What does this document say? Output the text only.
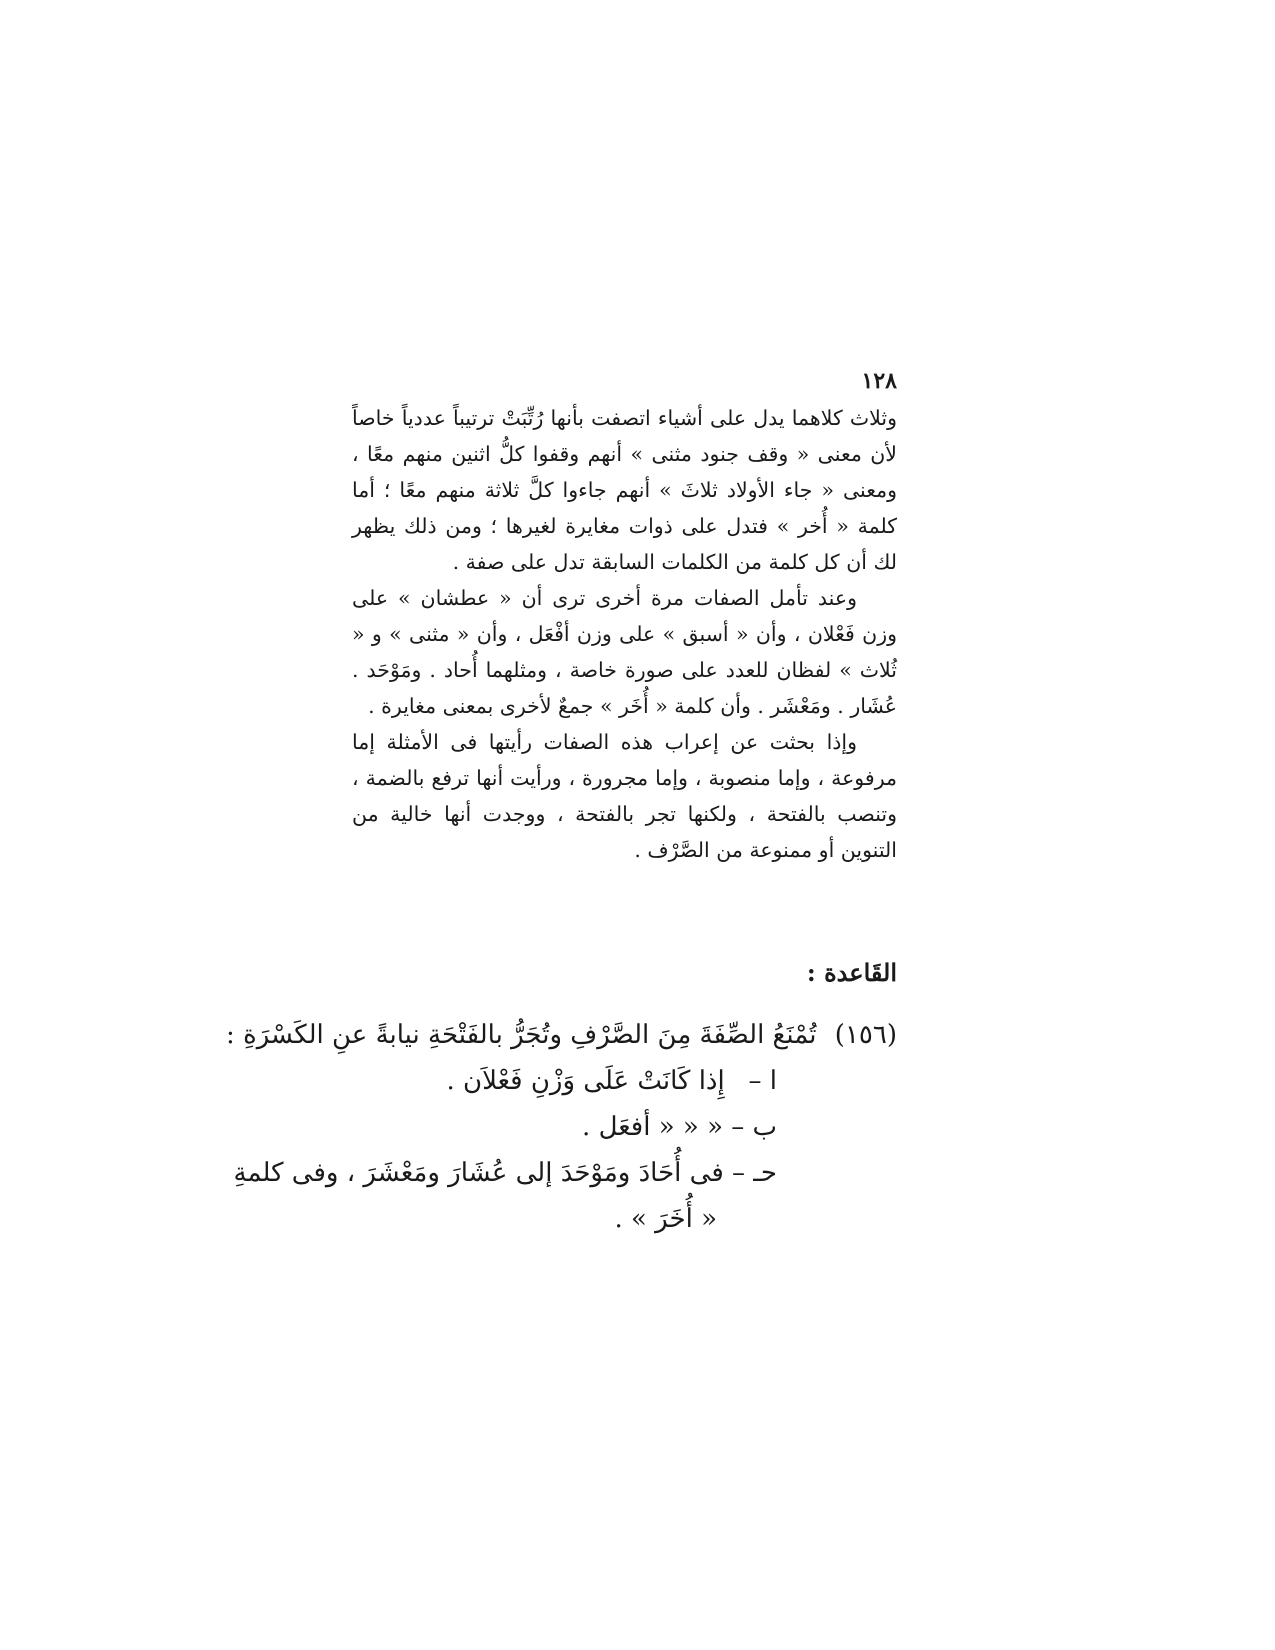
١٢٨

وثلاث كلاهما يدل على أشياء اتصفت بأنها رُتِّبَتْ ترتيباً عددياً خاصاً لأن معنى « وقف جنود مثنى » أنهم وقفوا كلُّ اثنين منهم معًا ، ومعنى « جاء الأولاد ثلاثَ » أنهم جاءوا كلَّ ثلاثة منهم معًا ؛ أما كلمة « أُخر » فتدل على ذوات مغايرة لغيرها ؛ ومن ذلك يظهر لك أن كل كلمة من الكلمات السابقة تدل على صفة .

وعند تأمل الصفات مرة أخرى ترى أن « عطشان » على وزن فَعْلان ، وأن « أسبق » على وزن أفْعَل ، وأن « مثنى » و « ثُلاث » لفظان للعدد على صورة خاصة ، ومثلهما أُحاد . ومَوْحَد . عُشَار . ومَعْشَر . وأن كلمة « أُخَر » جمعٌ لأخرى بمعنى مغايرة .

وإذا بحثت عن إعراب هذه الصفات رأيتها فى الأمثلة إما مرفوعة ، وإما منصوبة ، وإما مجرورة ، ورأيت أنها ترفع بالضمة ، وتنصب بالفتحة ، ولكنها تجر بالفتحة ، ووجدت أنها خالية من التنوين أو ممنوعة من الصَّرْف .

القَاعدة :
(١٥٦) تُمْنَعُ الصِّفَةَ مِنَ الصَّرْفِ وتُجَرُّ بالفَتْحَةِ نيابةً عنِ الكَسْرَةِ :
ا – إِذا كَانَتْ عَلَى وَزْنِ فَعْلاَن .
ب – « « « أفعَل .
حـ – فى أُحَادَ ومَوْحَدَ إلى عُشَارَ ومَعْشَرَ ، وفى كلمةِ
« أُخَرَ » .
